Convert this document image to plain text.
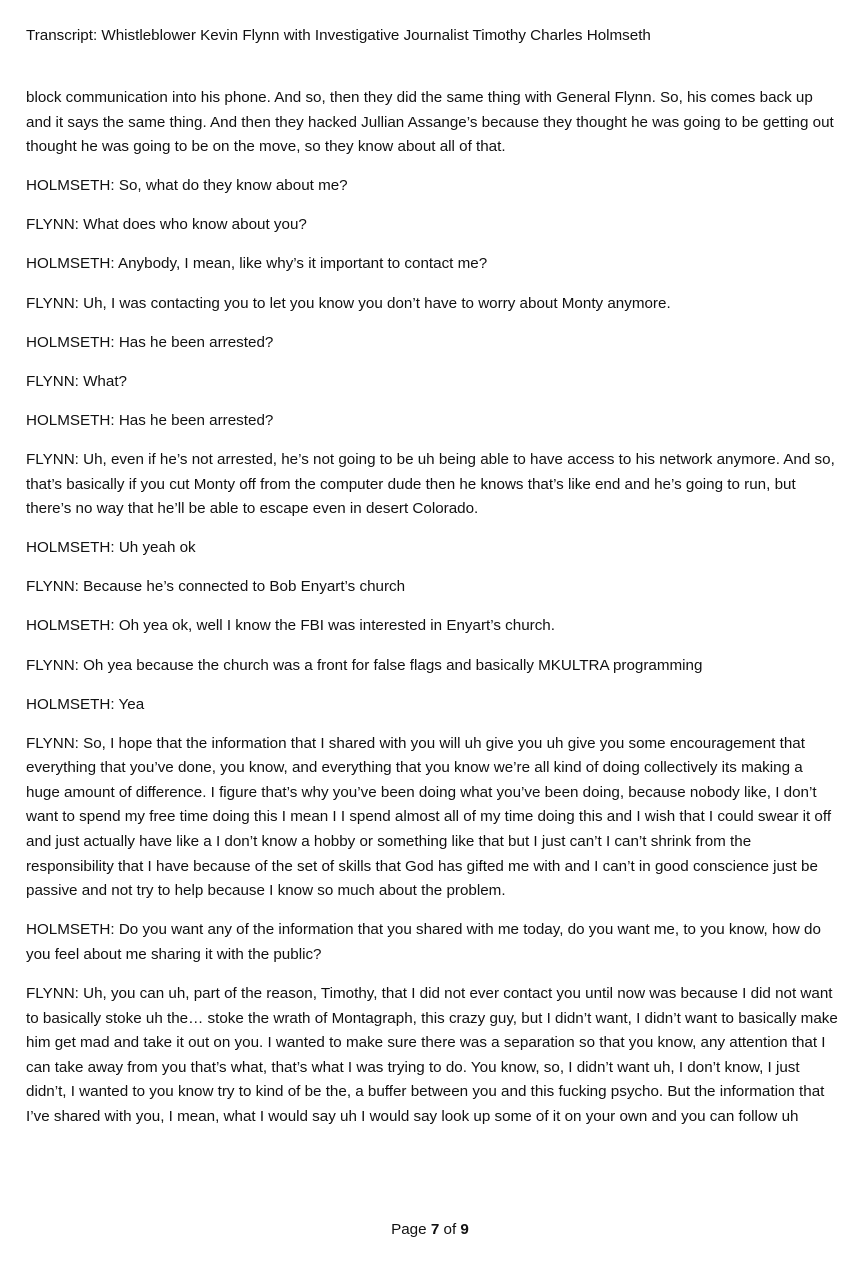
Transcript: Whistleblower Kevin Flynn with Investigative Journalist Timothy Charles Holmseth

block communication into his phone. And so, then they did the same thing with General Flynn. So, his comes back up and it says the same thing. And then they hacked Jullian Assange’s because they thought he was going to be getting out thought he was going to be on the move, so they know about all of that.

HOLMSETH: So, what do they know about me?

FLYNN: What does who know about you?

HOLMSETH: Anybody, I mean, like why’s it important to contact me?

FLYNN: Uh, I was contacting you to let you know you don’t have to worry about Monty anymore.

HOLMSETH: Has he been arrested?

FLYNN: What?

HOLMSETH: Has he been arrested?

FLYNN: Uh, even if he’s not arrested, he’s not going to be uh being able to have access to his network anymore. And so, that’s basically if you cut Monty off from the computer dude then he knows that’s like end and he’s going to run, but there’s no way that he’ll be able to escape even in desert Colorado.

HOLMSETH: Uh yeah ok

FLYNN: Because he’s connected to Bob Enyart’s church

HOLMSETH: Oh yea ok, well I know the FBI was interested in Enyart’s church.

FLYNN: Oh yea because the church was a front for false flags and basically MKULTRA programming

HOLMSETH: Yea

FLYNN: So, I hope that the information that I shared with you will uh give you uh give you some encouragement that everything that you’ve done, you know, and everything that you know we’re all kind of doing collectively its making a huge amount of difference. I figure that’s why you’ve been doing what you’ve been doing, because nobody like, I don’t want to spend my free time doing this I mean I I spend almost all of my time doing this and I wish that I could swear it off and just actually have like a I don’t know a hobby or something like that but I just can’t I can’t shrink from the responsibility that I have because of the set of skills that God has gifted me with and I can’t in good conscience just be passive and not try to help because I know so much about the problem.

HOLMSETH: Do you want any of the information that you shared with me today, do you want me, to you know, how do you feel about me sharing it with the public?

FLYNN: Uh, you can uh, part of the reason, Timothy, that I did not ever contact you until now was because I did not want to basically stoke uh the… stoke the wrath of Montagraph, this crazy guy, but I didn’t want, I didn’t want to basically make him get mad and take it out on you. I wanted to make sure there was a separation so that you know, any attention that I can take away from you that’s what, that’s what I was trying to do. You know, so, I didn’t want uh, I don’t know, I just didn’t, I wanted to you know try to kind of be the, a buffer between you and this fucking psycho. But the information that I’ve shared with you, I mean, what I would say uh I would say look up some of it on your own and you can follow uh

Page 7 of 9
